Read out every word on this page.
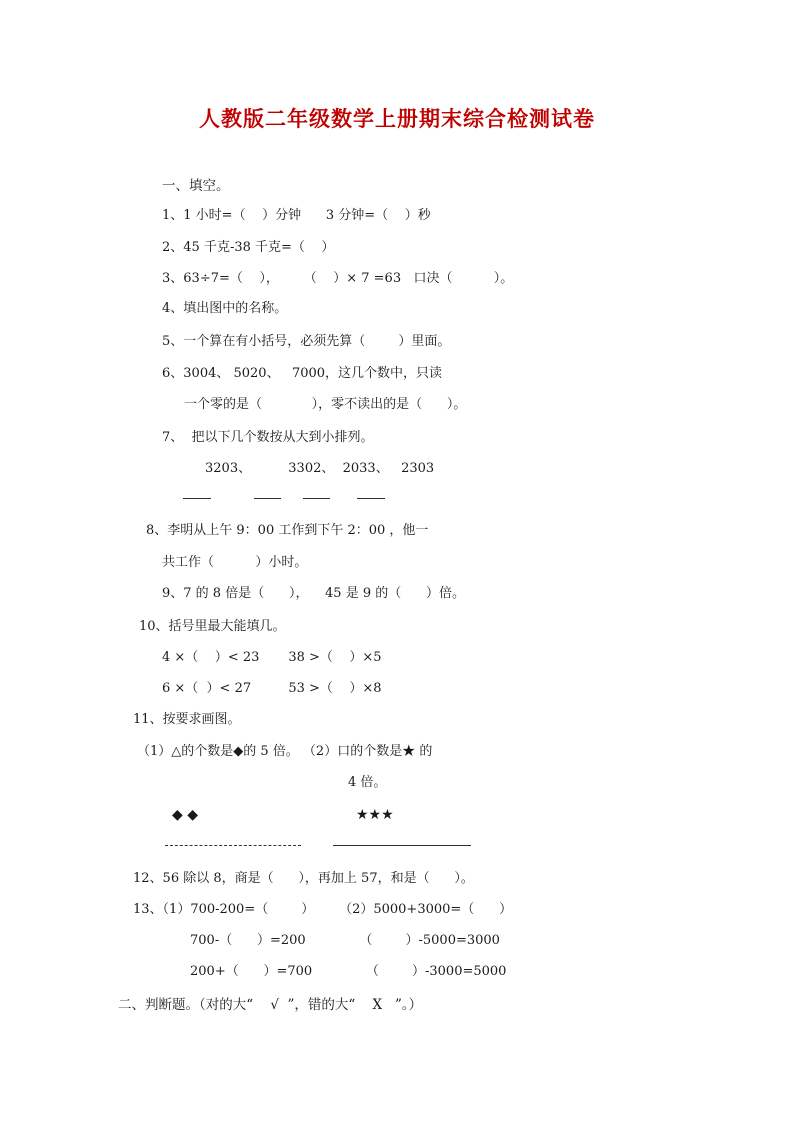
人教版二年级数学上册期末综合检测试卷
一、填空。
1、1 小时=（    ）分钟      3 分钟=（    ）秒
2、45 千克-38 千克=（    ）
3、63÷7=（    ），      （    ）× 7 =63   口决（          ）。
4、填出图中的名称。
5、一个算在有小括号，必须先算（        ）里面。
6、3004、 5020、   7000，这几个数中，只读
一个零的是（            ），零不读出的是（      ）。
7、  把以下几个数按从大到小排列。
3203、         3302、  2033、   2303
8、李明从上午 9：00 工作到下午 2：00 ，他一
共工作（          ）小时。
9、7 的 8 倍是（      ），    45 是 9 的（      ）倍。
10、括号里最大能填几。
4 ×（    ）< 23       38 >（    ）×5
6 ×（  ）< 27         53 >（    ）×8
11、按要求画图。
（1）△的个数是◆的 5 倍。 （2）口的个数是★ 的
4 倍。
◆ ◆	★★★
12、56 除以 8，商是（      ），再加上 57，和是（      ）。
13、（1）700-200=（        ）      （2）5000+3000=（      ）
700-（      ）=200             （        ）-5000=3000
200+（      ）=700             （        ）-3000=5000
二、判断题。（对的大“    √  ”，错的大“    X   ”。）
